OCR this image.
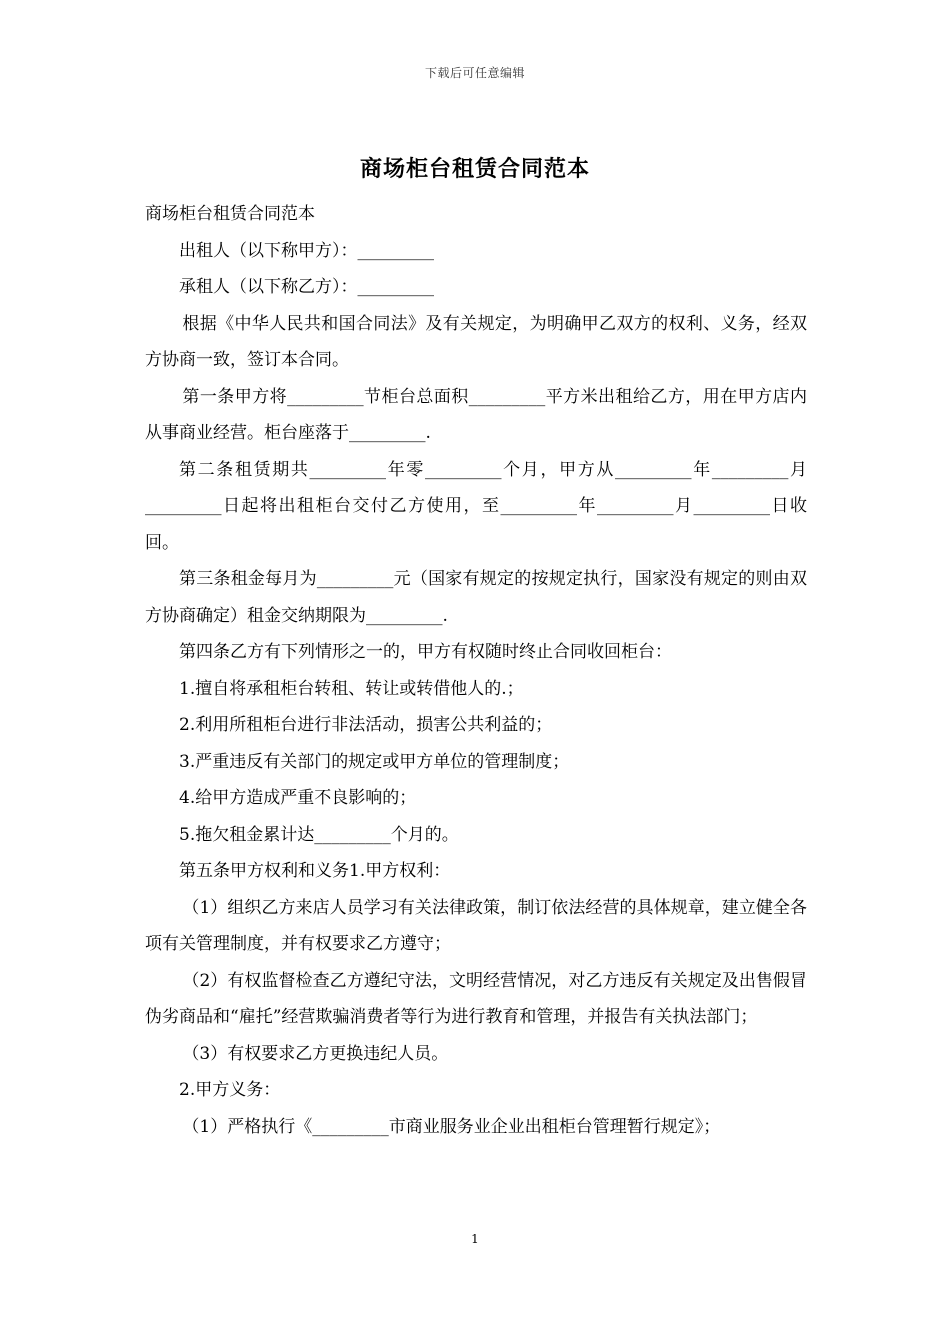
下载后可任意编辑
商场柜台租赁合同范本

商场柜台租赁合同范本

出租人（以下称甲方）：_________

承租人（以下称乙方）：_________

根据《中华人民共和国合同法》及有关规定，为明确甲乙双方的权利、义务，经双方协商一致，签订本合同。

第一条甲方将_________节柜台总面积_________平方米出租给乙方，用在甲方店内从事商业经营。柜台座落于_________.

第二条租赁期共_________年零_________个月，甲方从_________年_________月_________日起将出租柜台交付乙方使用，至_________年_________月_________日收回。

第三条租金每月为_________元（国家有规定的按规定执行，国家没有规定的则由双方协商确定）租金交纳期限为_________.

第四条乙方有下列情形之一的，甲方有权随时终止合同收回柜台：

1.擅自将承租柜台转租、转让或转借他人的.；

2.利用所租柜台进行非法活动，损害公共利益的；

3.严重违反有关部门的规定或甲方单位的管理制度；

4.给甲方造成严重不良影响的；

5.拖欠租金累计达_________个月的。

第五条甲方权利和义务1.甲方权利：

（1）组织乙方来店人员学习有关法律政策，制订依法经营的具体规章，建立健全各项有关管理制度，并有权要求乙方遵守；

（2）有权监督检查乙方遵纪守法，文明经营情况，对乙方违反有关规定及出售假冒伪劣商品和“雇托”经营欺骗消费者等行为进行教育和管理，并报告有关执法部门；

（3）有权要求乙方更换违纪人员。

2.甲方义务：

（1）严格执行《_________市商业服务业企业出租柜台管理暂行规定》；

1
